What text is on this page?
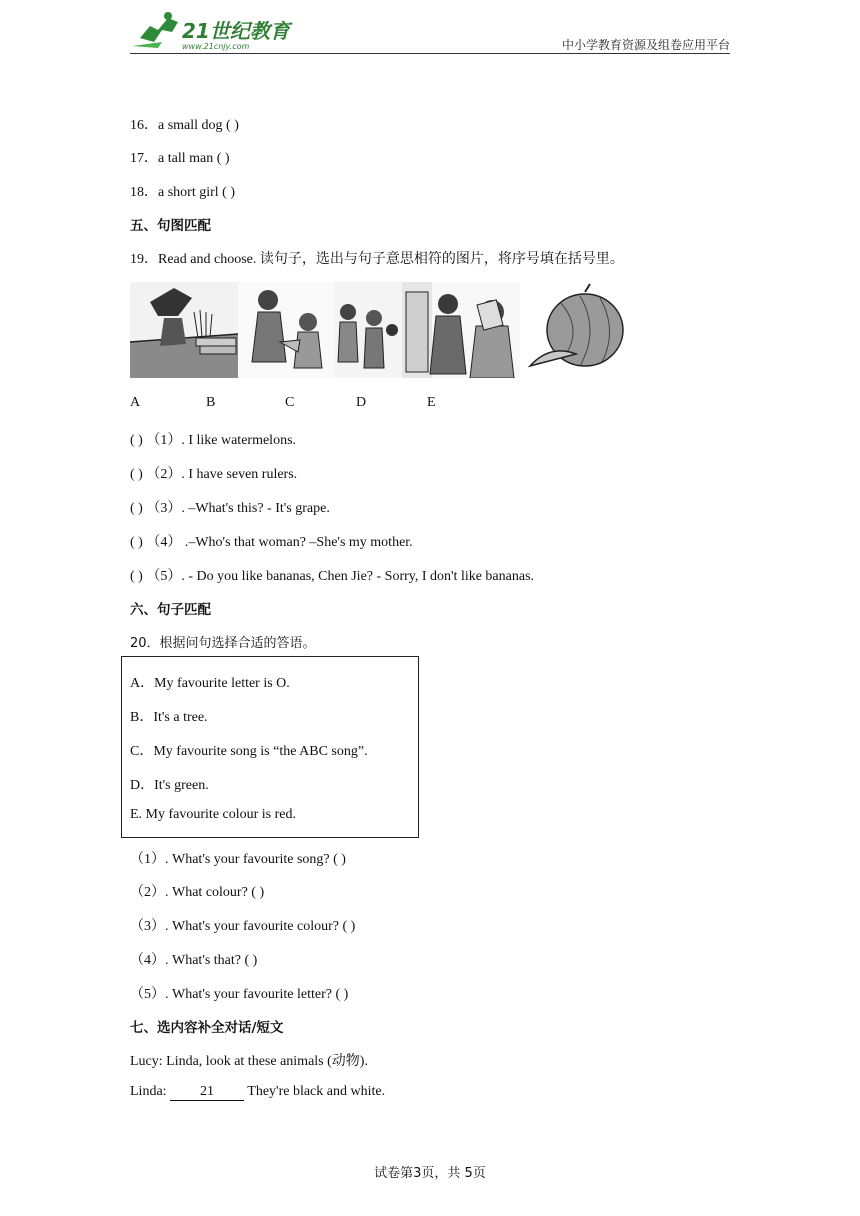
21世纪教育
www.21cnjy.com	中小学教育资源及组卷应用平台
16．a small dog ( )
17．a tall man ( )
18．a short girl ( )
五、句图匹配
19．Read and choose. 读句子，选出与句子意思相符的图片，将序号填在括号里。
A	B	C	D	E
( ) （1）. I like watermelons.
( ) （2）. I have seven rulers.
( ) （3）. –What's this? - It's grape.
( ) （4） .–Who's that woman? –She's my mother.
( ) （5）. - Do you like bananas, Chen Jie? - Sorry, I don't like bananas.
六、句子匹配
20．根据问句选择合适的答语。
A．My favourite letter is O.
B．It's a tree.
C．My favourite song is “the ABC song”.
D．It's green.
E. My favourite colour is red.
（1）. What's your favourite song? ( )
（2）. What colour? ( )
（3）. What's your favourite colour? ( )
（4）. What's that? ( )
（5）. What's your favourite letter? ( )
七、选内容补全对话/短文
Lucy: Linda, look at these animals (动物).
Linda: 21 They're black and white.
试卷第3页，共 5页
